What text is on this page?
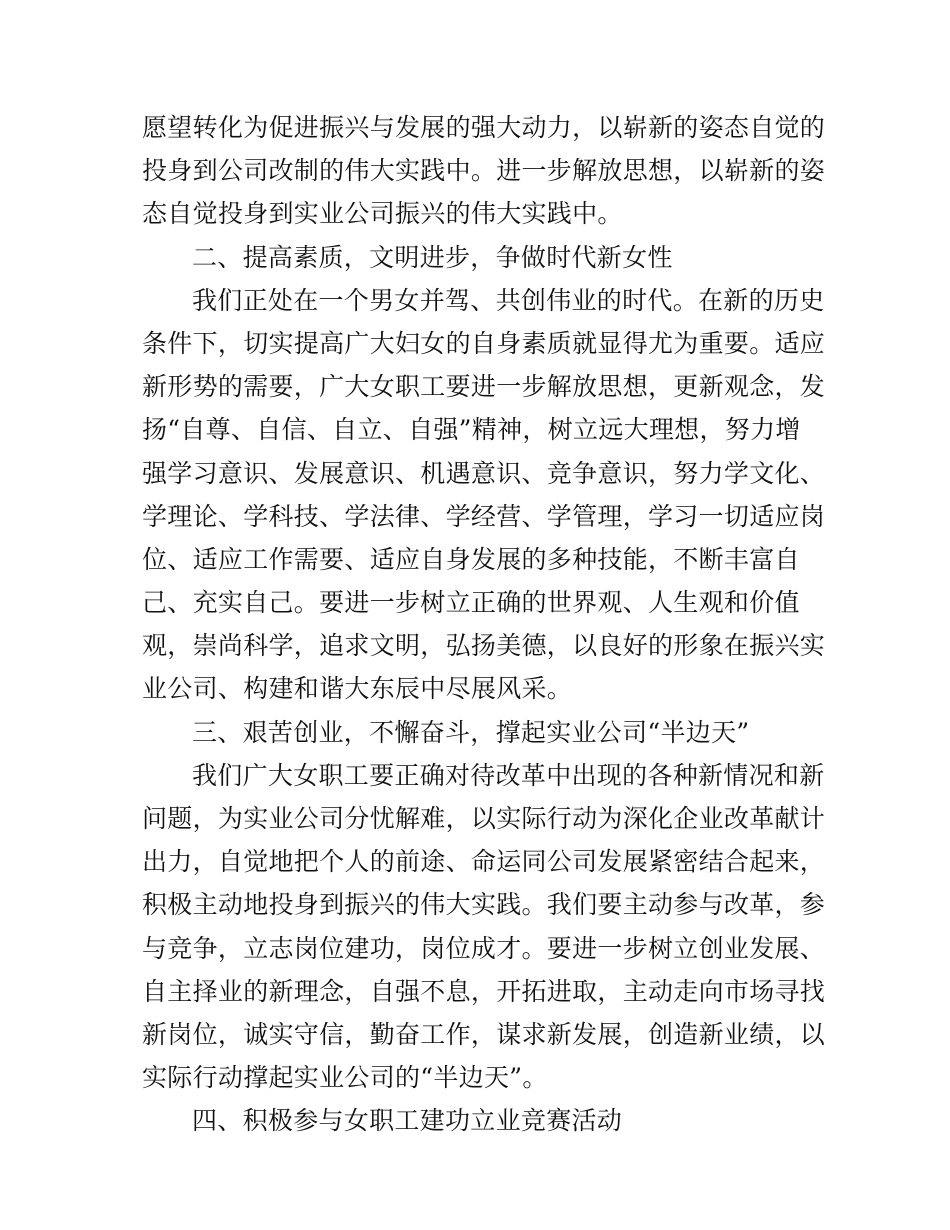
愿望转化为促进振兴与发展的强大动力，以崭新的姿态自觉的
投身到公司改制的伟大实践中。进一步解放思想，以崭新的姿
态自觉投身到实业公司振兴的伟大实践中。
二、提高素质，文明进步，争做时代新女性
我们正处在一个男女并驾、共创伟业的时代。在新的历史
条件下，切实提高广大妇女的自身素质就显得尤为重要。适应
新形势的需要，广大女职工要进一步解放思想，更新观念，发
扬“自尊、自信、自立、自强”精神，树立远大理想，努力增
强学习意识、发展意识、机遇意识、竞争意识，努力学文化、
学理论、学科技、学法律、学经营、学管理，学习一切适应岗
位、适应工作需要、适应自身发展的多种技能，不断丰富自
己、充实自己。要进一步树立正确的世界观、人生观和价值
观，崇尚科学，追求文明，弘扬美德，以良好的形象在振兴实
业公司、构建和谐大东辰中尽展风采。
三、艰苦创业，不懈奋斗，撑起实业公司“半边天”
我们广大女职工要正确对待改革中出现的各种新情况和新
问题，为实业公司分忧解难，以实际行动为深化企业改革献计
出力，自觉地把个人的前途、命运同公司发展紧密结合起来，
积极主动地投身到振兴的伟大实践。我们要主动参与改革，参
与竞争，立志岗位建功，岗位成才。要进一步树立创业发展、
自主择业的新理念，自强不息，开拓进取，主动走向市场寻找
新岗位，诚实守信，勤奋工作，谋求新发展，创造新业绩，以
实际行动撑起实业公司的“半边天”。
四、积极参与女职工建功立业竞赛活动
